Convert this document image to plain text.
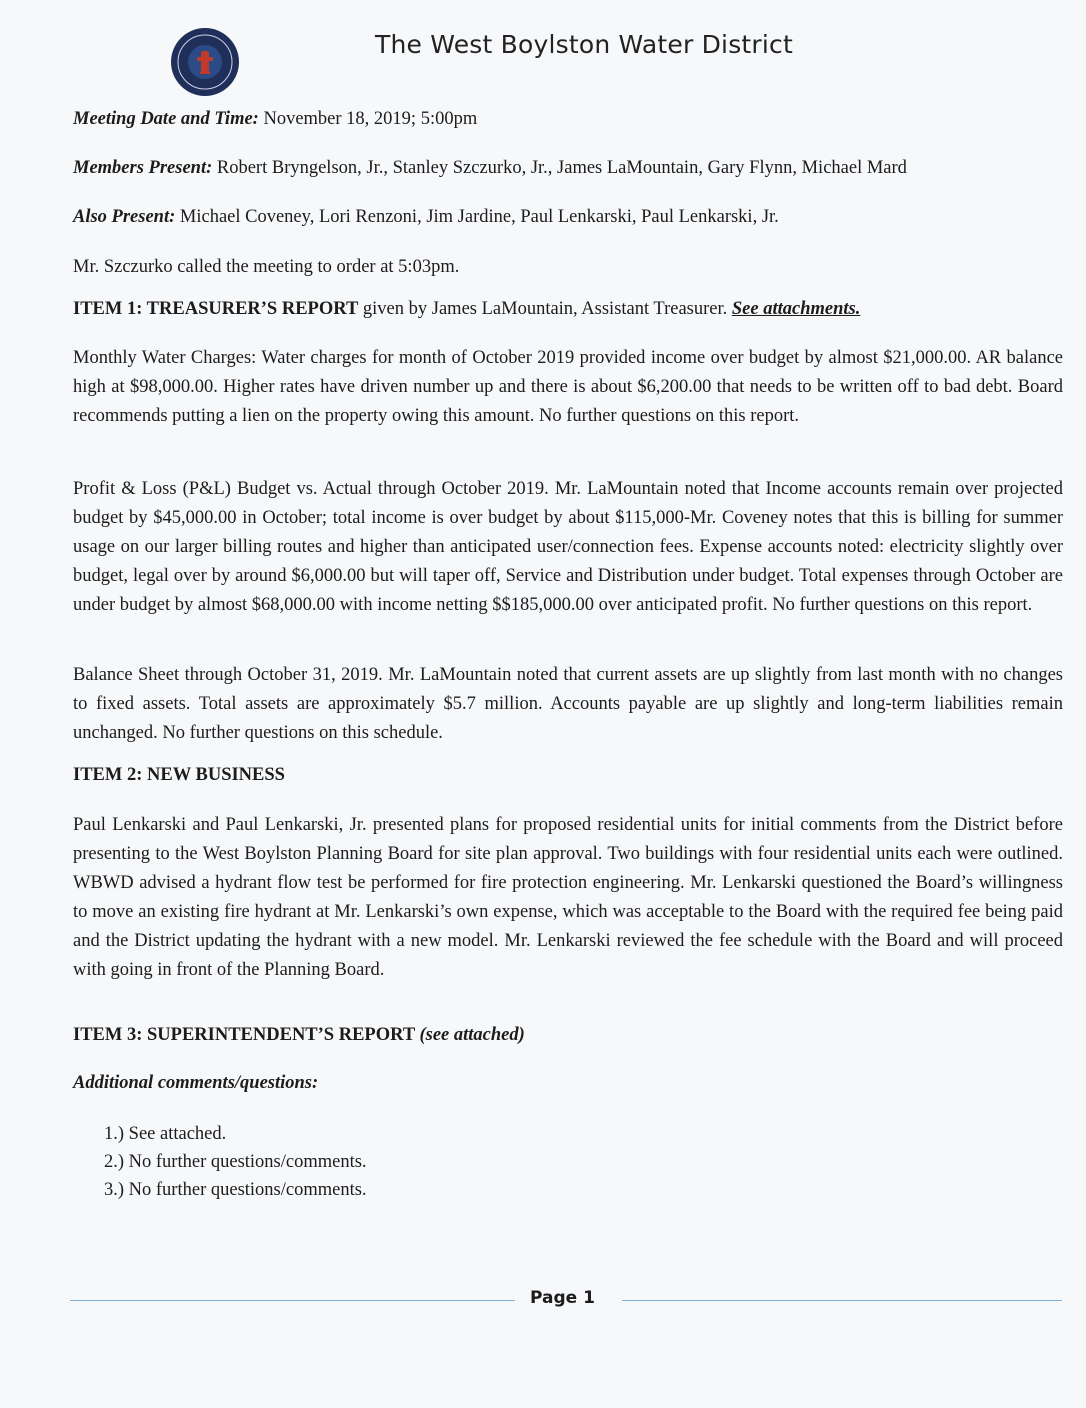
The West Boylston Water District
Meeting Date and Time: November 18, 2019; 5:00pm
Members Present: Robert Bryngelson, Jr., Stanley Szczurko, Jr., James LaMountain, Gary Flynn, Michael Mard
Also Present: Michael Coveney, Lori Renzoni, Jim Jardine, Paul Lenkarski, Paul Lenkarski, Jr.
Mr. Szczurko called the meeting to order at 5:03pm.
ITEM 1: TREASURER’S REPORT given by James LaMountain, Assistant Treasurer. See attachments.
Monthly Water Charges: Water charges for month of October 2019 provided income over budget by almost $21,000.00. AR balance high at $98,000.00. Higher rates have driven number up and there is about $6,200.00 that needs to be written off to bad debt. Board recommends putting a lien on the property owing this amount. No further questions on this report.
Profit & Loss (P&L) Budget vs. Actual through October 2019. Mr. LaMountain noted that Income accounts remain over projected budget by $45,000.00 in October; total income is over budget by about $115,000-Mr. Coveney notes that this is billing for summer usage on our larger billing routes and higher than anticipated user/connection fees. Expense accounts noted: electricity slightly over budget, legal over by around $6,000.00 but will taper off, Service and Distribution under budget. Total expenses through October are under budget by almost $68,000.00 with income netting $$185,000.00 over anticipated profit. No further questions on this report.
Balance Sheet through October 31, 2019. Mr. LaMountain noted that current assets are up slightly from last month with no changes to fixed assets. Total assets are approximately $5.7 million. Accounts payable are up slightly and long-term liabilities remain unchanged. No further questions on this schedule.
ITEM 2: NEW BUSINESS
Paul Lenkarski and Paul Lenkarski, Jr. presented plans for proposed residential units for initial comments from the District before presenting to the West Boylston Planning Board for site plan approval. Two buildings with four residential units each were outlined. WBWD advised a hydrant flow test be performed for fire protection engineering. Mr. Lenkarski questioned the Board’s willingness to move an existing fire hydrant at Mr. Lenkarski’s own expense, which was acceptable to the Board with the required fee being paid and the District updating the hydrant with a new model. Mr. Lenkarski reviewed the fee schedule with the Board and will proceed with going in front of the Planning Board.
ITEM 3: SUPERINTENDENT’S REPORT (see attached)
Additional comments/questions:
1.) See attached.
2.) No further questions/comments.
3.) No further questions/comments.
Page 1
